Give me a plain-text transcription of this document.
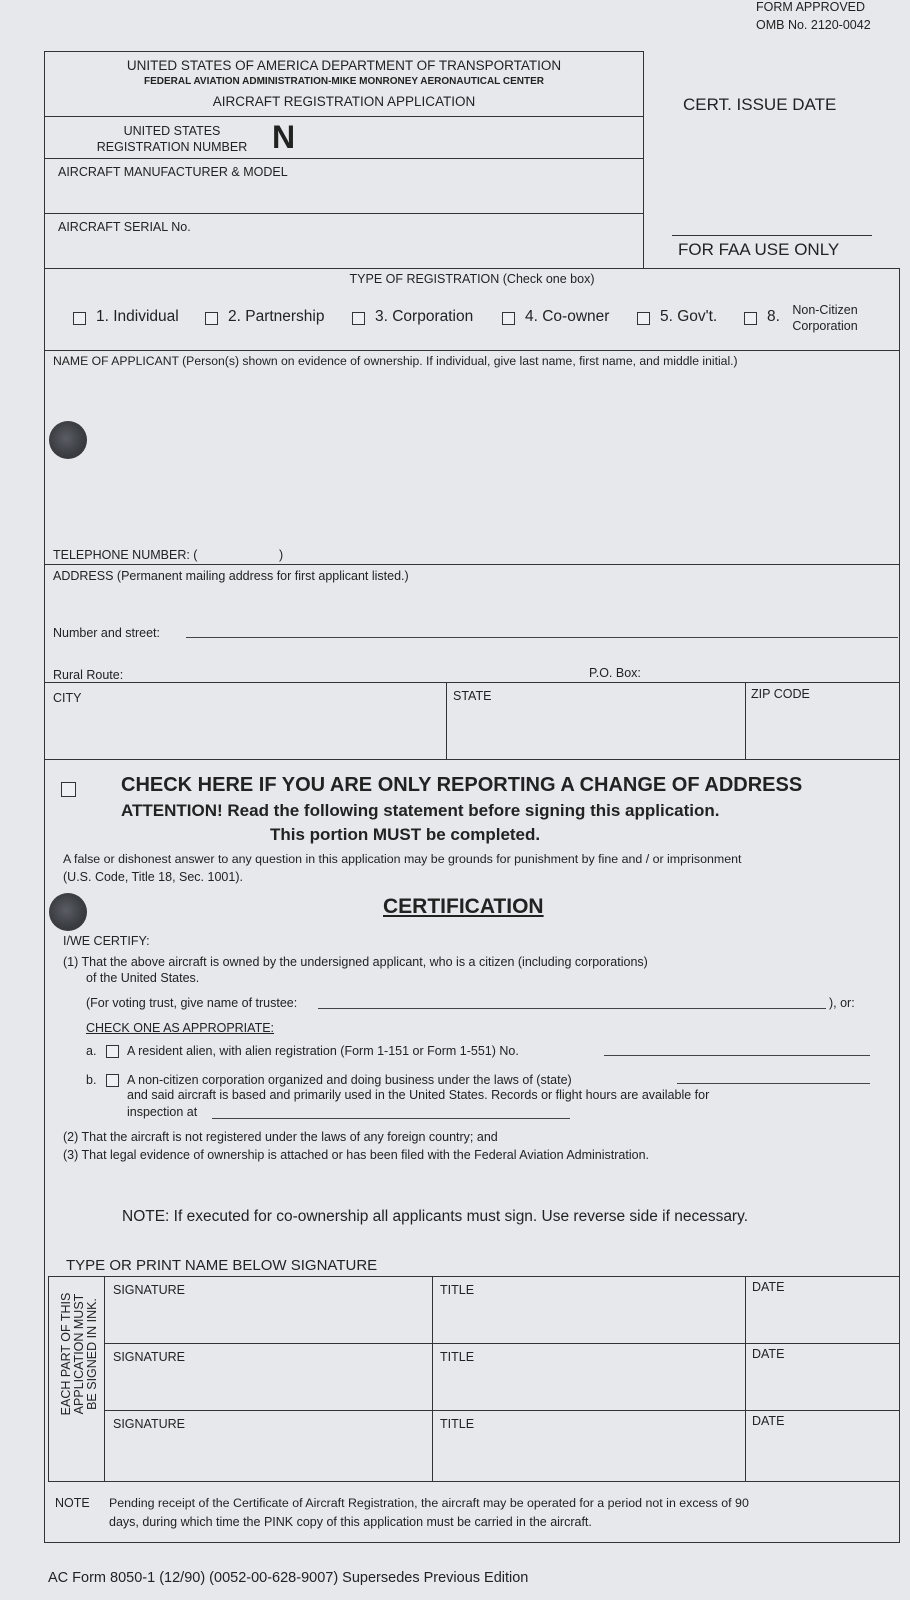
FORM APPROVED
OMB No. 2120-0042
UNITED STATES OF AMERICA DEPARTMENT OF TRANSPORTATION
FEDERAL AVIATION ADMINISTRATION-MIKE MONRONEY AERONAUTICAL CENTER
AIRCRAFT REGISTRATION APPLICATION	CERT. ISSUE DATE
UNITED STATES
REGISTRATION NUMBER N
AIRCRAFT MANUFACTURER & MODEL
AIRCRAFT SERIAL No.
FOR FAA USE ONLY
TYPE OF REGISTRATION (Check one box)
1. Individual	2. Partnership	3. Corporation	4. Co-owner	5. Gov't.	8. Non-Citizen
Corporation
NAME OF APPLICANT (Person(s) shown on evidence of ownership. If individual, give last name, first name, and middle initial.)
TELEPHONE NUMBER: (	)
ADDRESS (Permanent mailing address for first applicant listed.)
Number and street:
Rural Route:	P.O. Box:
CITY	STATE	ZIP CODE
CHECK HERE IF YOU ARE ONLY REPORTING A CHANGE OF ADDRESS
ATTENTION! Read the following statement before signing this application.
This portion MUST be completed.
A false or dishonest answer to any question in this application may be grounds for punishment by fine and / or imprisonment
(U.S. Code, Title 18, Sec. 1001).
CERTIFICATION
I/WE CERTIFY:
(1) That the above aircraft is owned by the undersigned applicant, who is a citizen (including corporations)
of the United States.
(For voting trust, give name of trustee:	), or:
CHECK ONE AS APPROPRIATE:
a. A resident alien, with alien registration (Form 1-151 or Form 1-551) No.
b. A non-citizen corporation organized and doing business under the laws of (state)
and said aircraft is based and primarily used in the United States. Records or flight hours are available for
inspection at
(2) That the aircraft is not registered under the laws of any foreign country; and
(3) That legal evidence of ownership is attached or has been filed with the Federal Aviation Administration.
NOTE: If executed for co-ownership all applicants must sign. Use reverse side if necessary.
TYPE OR PRINT NAME BELOW SIGNATURE
EACH PART OF THIS APPLICATION MUST BE SIGNED IN INK.
SIGNATURE	TITLE	DATE
SIGNATURE	TITLE	DATE
SIGNATURE	TITLE	DATE
NOTE Pending receipt of the Certificate of Aircraft Registration, the aircraft may be operated for a period not in excess of 90
days, during which time the PINK copy of this application must be carried in the aircraft.
AC Form 8050-1 (12/90) (0052-00-628-9007) Supersedes Previous Edition
